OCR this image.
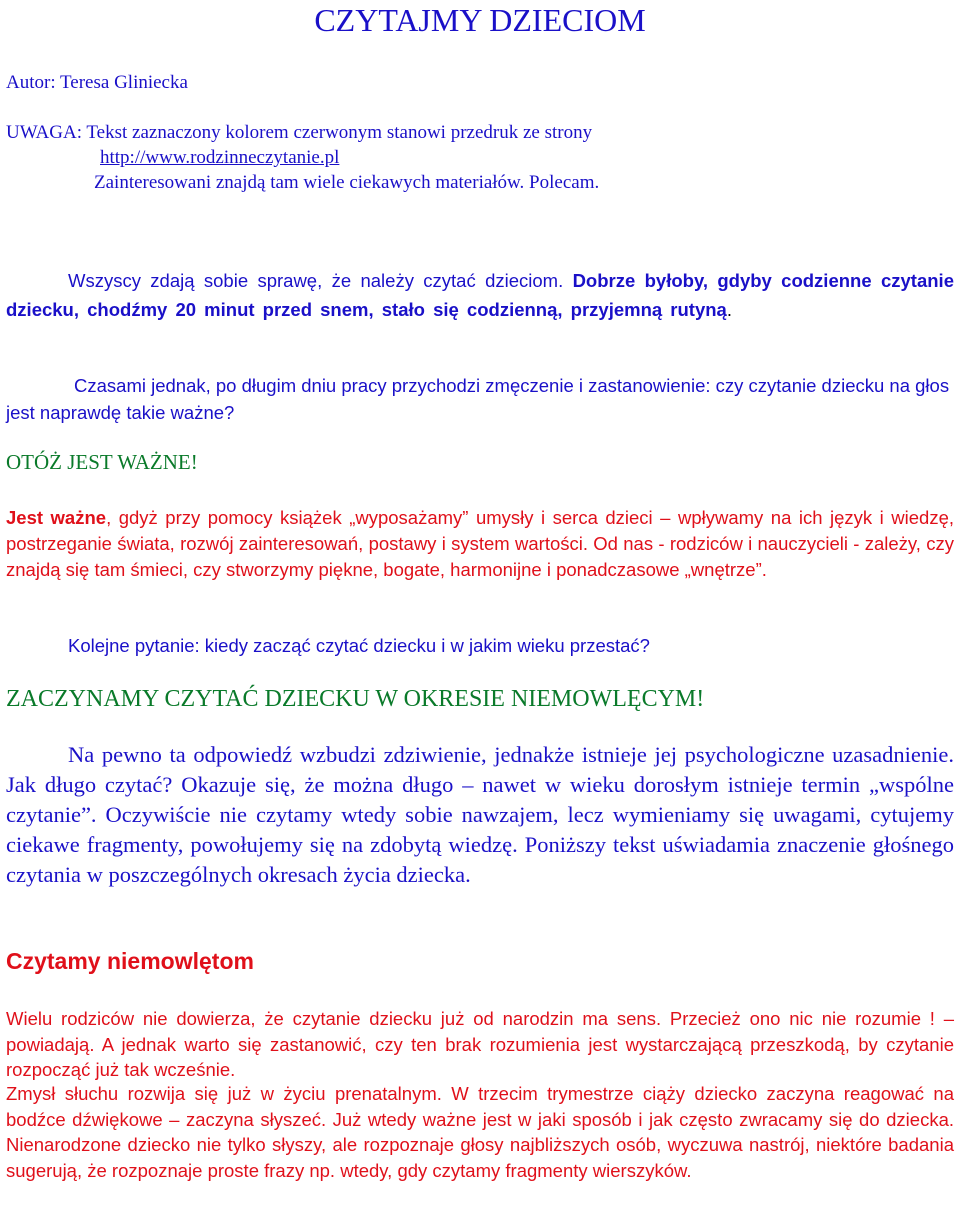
CZYTAJMY DZIECIOM
Autor: Teresa Gliniecka
UWAGA: Tekst zaznaczony kolorem czerwonym stanowi przedruk ze strony
http://www.rodzinneczytanie.pl
Zainteresowani znajdą tam wiele ciekawych materiałów. Polecam.
Wszyscy zdają sobie sprawę, że należy czytać dzieciom. Dobrze byłoby, gdyby codzienne czytanie dziecku, chodźmy 20 minut przed snem, stało się codzienną, przyjemną rutyną.
Czasami jednak, po długim dniu pracy przychodzi zmęczenie i zastanowienie: czy czytanie dziecku na głos jest naprawdę takie ważne?
OTÓŻ JEST WAŻNE!
Jest ważne, gdyż przy pomocy książek „wyposażamy” umysły i serca dzieci – wpływamy na ich język i wiedzę, postrzeganie świata, rozwój zainteresowań, postawy i system wartości. Od nas - rodziców i nauczycieli - zależy, czy znajdą się tam śmieci, czy stworzymy piękne, bogate, harmonijne i ponadczasowe „wnętrze”.
Kolejne pytanie: kiedy zacząć czytać dziecku i w jakim wieku przestać?
ZACZYNAMY CZYTAĆ DZIECKU W OKRESIE NIEMOWLĘCYM!
Na pewno ta odpowiedź wzbudzi zdziwienie, jednakże istnieje jej psychologiczne uzasadnienie. Jak długo czytać? Okazuje się, że można długo – nawet w wieku dorosłym istnieje termin „wspólne czytanie”. Oczywiście nie czytamy wtedy sobie nawzajem, lecz wymieniamy się uwagami, cytujemy ciekawe fragmenty, powołujemy się na zdobytą wiedzę. Poniższy tekst uświadamia znaczenie głośnego czytania w poszczególnych okresach życia dziecka.
Czytamy niemowlętom
Wielu rodziców nie dowierza, że czytanie dziecku już od narodzin ma sens. Przecież ono nic nie rozumie ! – powiadają. A jednak warto się zastanowić, czy ten brak rozumienia jest wystarczającą przeszkodą, by czytanie rozpocząć już tak wcześnie.
Zmysł słuchu rozwija się już w życiu prenatalnym. W trzecim trymestrze ciąży dziecko zaczyna reagować na bodźce dźwiękowe – zaczyna słyszeć. Już wtedy ważne jest w jaki sposób i jak często zwracamy się do dziecka. Nienarodzone dziecko nie tylko słyszy, ale rozpoznaje głosy najbliższych osób, wyczuwa nastrój, niektóre badania sugerują, że rozpoznaje proste frazy np. wtedy, gdy czytamy fragmenty wierszyków.
